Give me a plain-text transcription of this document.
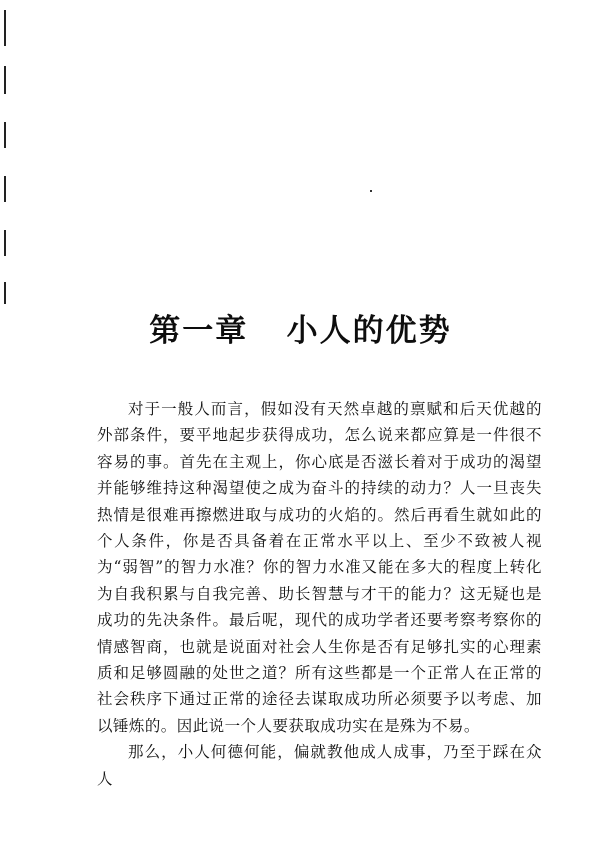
第一章   小人的优势

对于一般人而言，假如没有天然卓越的禀赋和后天优越的外部条件，要平地起步获得成功，怎么说来都应算是一件很不容易的事。首先在主观上，你心底是否滋长着对于成功的渴望并能够维持这种渴望使之成为奋斗的持续的动力？人一旦丧失热情是很难再擦燃进取与成功的火焰的。然后再看生就如此的个人条件，你是否具备着在正常水平以上、至少不致被人视为“弱智”的智力水准？你的智力水准又能在多大的程度上转化为自我积累与自我完善、助长智慧与才干的能力？这无疑也是成功的先决条件。最后呢，现代的成功学者还要考察考察你的情感智商，也就是说面对社会人生你是否有足够扎实的心理素质和足够圆融的处世之道？所有这些都是一个正常人在正常的社会秩序下通过正常的途径去谋取成功所必须要予以考虑、加以锤炼的。因此说一个人要获取成功实在是殊为不易。

那么，小人何德何能，偏就教他成人成事，乃至于踩在众人
